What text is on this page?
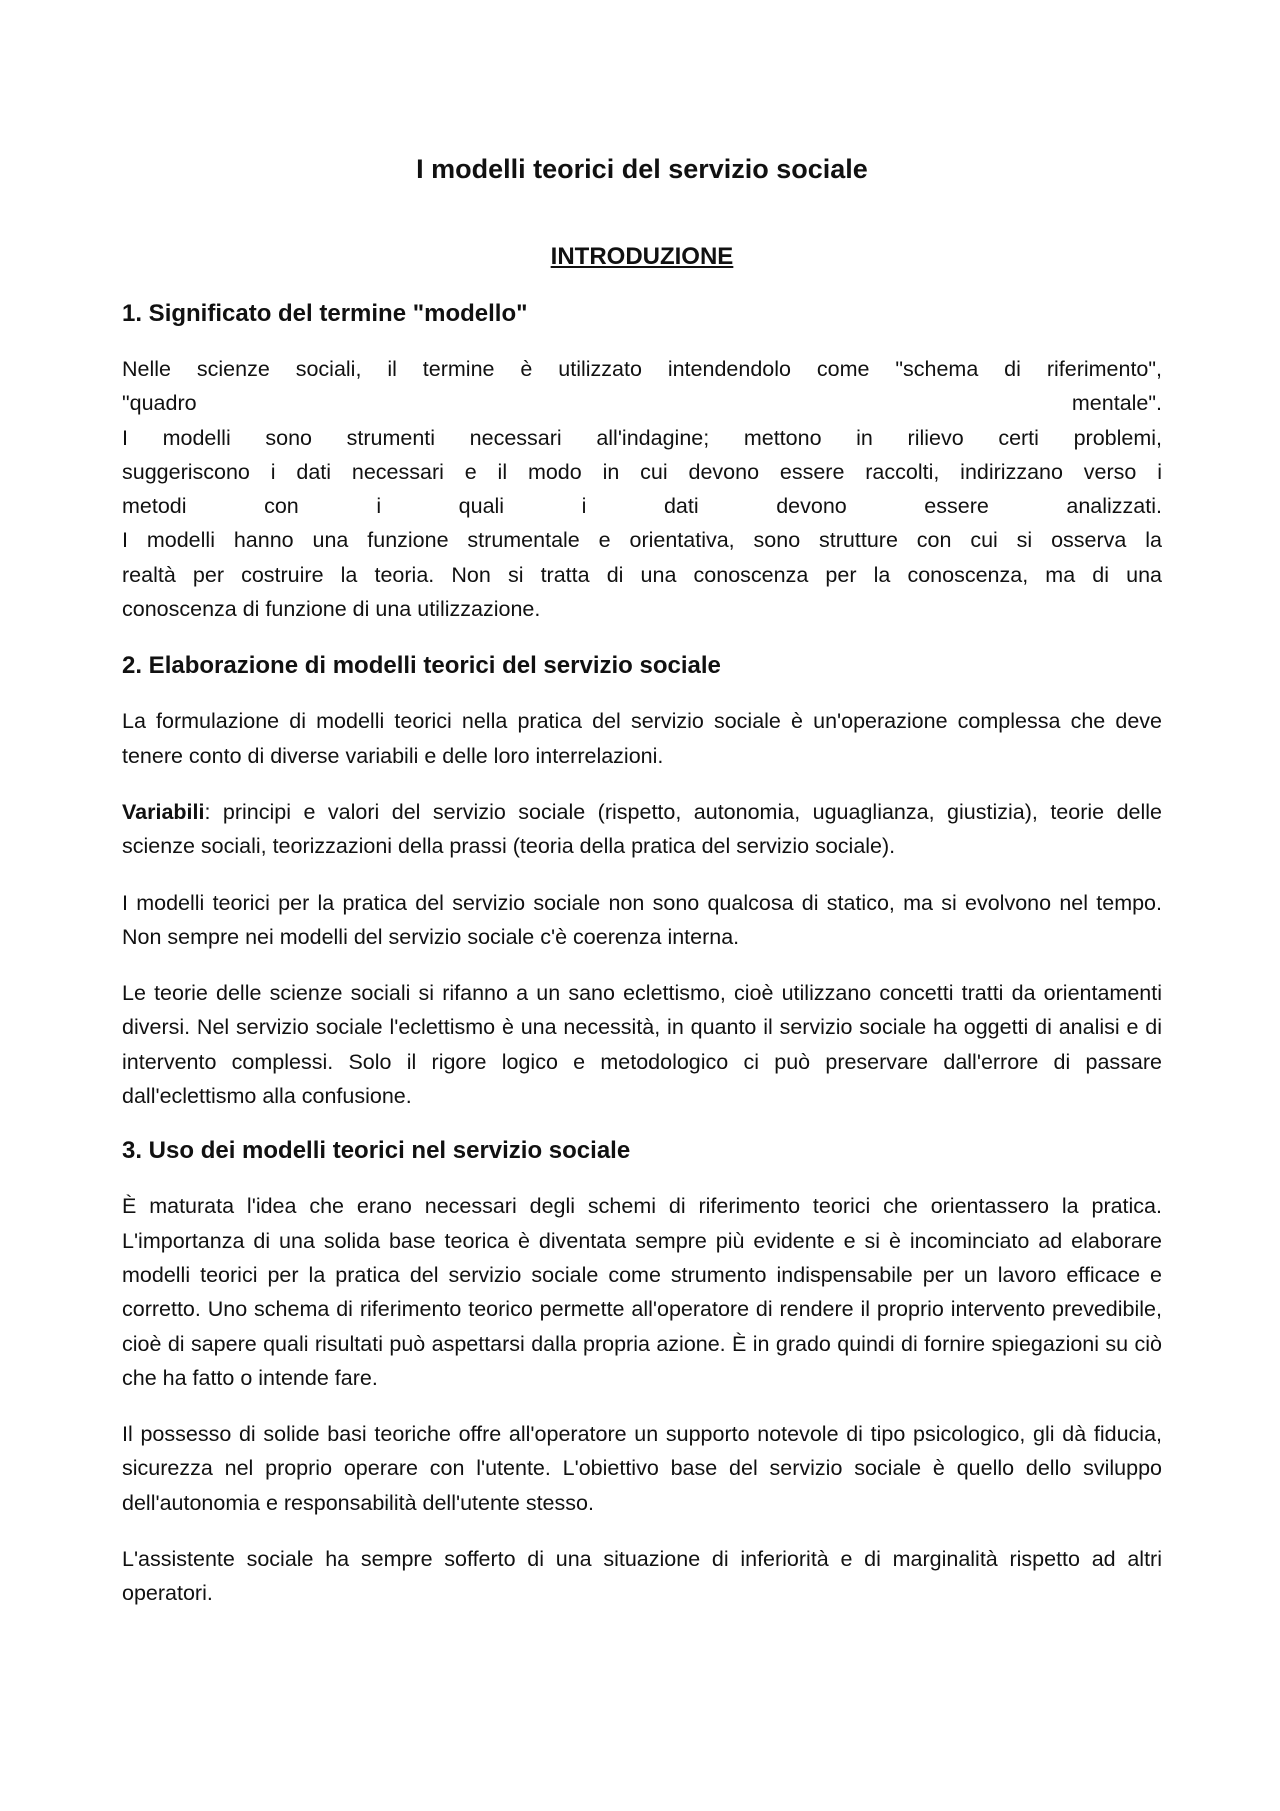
I modelli teorici del servizio sociale
INTRODUZIONE
1. Significato del termine "modello"

Nelle scienze sociali, il termine è utilizzato intendendolo come "schema di riferimento",
"quadro mentale".
I modelli sono strumenti necessari all'indagine; mettono in rilievo certi problemi,
suggeriscono i dati necessari e il modo in cui devono essere raccolti, indirizzano verso i
metodi con i quali i dati devono essere analizzati.
I modelli hanno una funzione strumentale e orientativa, sono strutture con cui si osserva la
realtà per costruire la teoria. Non si tratta di una conoscenza per la conoscenza, ma di una
conoscenza di funzione di una utilizzazione.

2. Elaborazione di modelli teorici del servizio sociale

La formulazione di modelli teorici nella pratica del servizio sociale è un'operazione complessa che deve tenere conto di diverse variabili e delle loro interrelazioni.

Variabili: principi e valori del servizio sociale (rispetto, autonomia, uguaglianza, giustizia), teorie delle scienze sociali, teorizzazioni della prassi (teoria della pratica del servizio sociale).

I modelli teorici per la pratica del servizio sociale non sono qualcosa di statico, ma si evolvono nel tempo. Non sempre nei modelli del servizio sociale c'è coerenza interna.

Le teorie delle scienze sociali si rifanno a un sano eclettismo, cioè utilizzano concetti tratti da orientamenti diversi. Nel servizio sociale l'eclettismo è una necessità, in quanto il servizio sociale ha oggetti di analisi e di intervento complessi. Solo il rigore logico e metodologico ci può preservare dall'errore di passare dall'eclettismo alla confusione.

3. Uso dei modelli teorici nel servizio sociale

È maturata l'idea che erano necessari degli schemi di riferimento teorici che orientassero la pratica. L'importanza di una solida base teorica è diventata sempre più evidente e si è incominciato ad elaborare modelli teorici per la pratica del servizio sociale come strumento indispensabile per un lavoro efficace e corretto. Uno schema di riferimento teorico permette all'operatore di rendere il proprio intervento prevedibile, cioè di sapere quali risultati può aspettarsi dalla propria azione. È in grado quindi di fornire spiegazioni su ciò che ha fatto o intende fare.

Il possesso di solide basi teoriche offre all'operatore un supporto notevole di tipo psicologico, gli dà fiducia, sicurezza nel proprio operare con l'utente. L'obiettivo base del servizio sociale è quello dello sviluppo dell'autonomia e responsabilità dell'utente stesso.

L'assistente sociale ha sempre sofferto di una situazione di inferiorità e di marginalità rispetto ad altri operatori.
